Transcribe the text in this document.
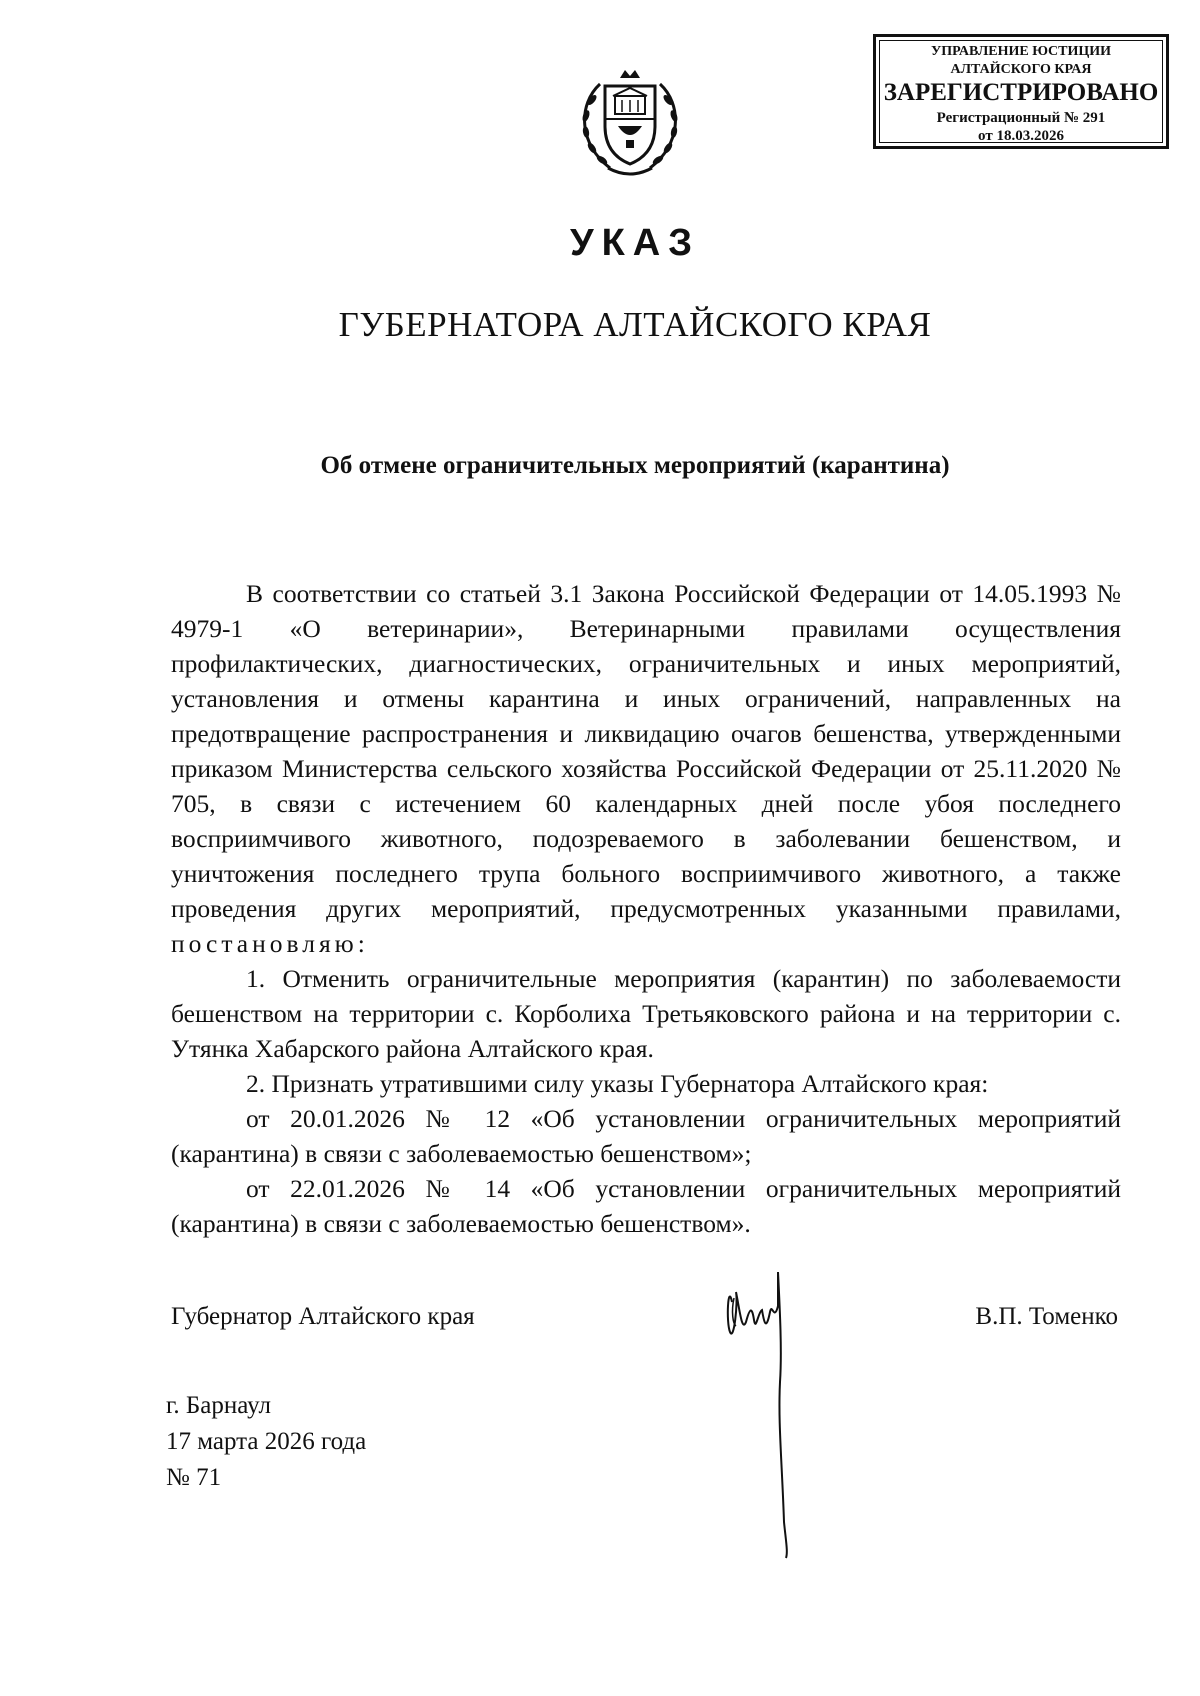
УПРАВЛЕНИЕ ЮСТИЦИИ
АЛТАЙСКОГО КРАЯ
ЗАРЕГИСТРИРОВАНО
Регистрационный № 291
от 18.03.2026
УКАЗ
ГУБЕРНАТОРА АЛТАЙСКОГО КРАЯ
Об отмене ограничительных мероприятий (карантина)

В соответствии со статьей 3.1 Закона Российской Федерации от 14.05.1993 № 4979-1 «О ветеринарии», Ветеринарными правилами осуществления профилактических, диагностических, ограничительных и иных мероприятий, установления и отмены карантина и иных ограничений, направленных на предотвращение распространения и ликвидацию очагов бешенства, утвержденными приказом Министерства сельского хозяйства Российской Федерации от 25.11.2020 № 705, в связи с истечением 60 календарных дней после убоя последнего восприимчивого животного, подозреваемого в заболевании бешенством, и уничтожения последнего трупа больного восприимчивого животного, а также проведения других мероприятий, предусмотренных указанными правилами, постановляю:

1. Отменить ограничительные мероприятия (карантин) по заболеваемости бешенством на территории с. Корболиха Третьяковского района и на территории с. Утянка Хабарского района Алтайского края.

2. Признать утратившими силу указы Губернатора Алтайского края:

от 20.01.2026 № 12 «Об установлении ограничительных мероприятий (карантина) в связи с заболеваемостью бешенством»;

от 22.01.2026 № 14 «Об установлении ограничительных мероприятий (карантина) в связи с заболеваемостью бешенством».

Губернатор Алтайского края	В.П. Томенко
г. Барнаул
17 марта 2026 года
№ 71
